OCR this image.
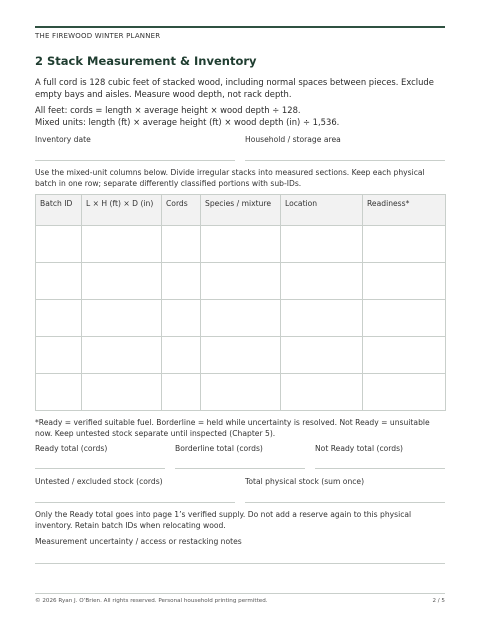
THE FIREWOOD WINTER PLANNER
2 Stack Measurement & Inventory
A full cord is 128 cubic feet of stacked wood, including normal spaces between pieces. Exclude empty bays and aisles. Measure wood depth, not rack depth.
All feet: cords = length × average height × wood depth ÷ 128.
Mixed units: length (ft) × average height (ft) × wood depth (in) ÷ 1,536.
Inventory date	Household / storage area
Use the mixed-unit columns below. Divide irregular stacks into measured sections. Keep each physical batch in one row; separate differently classified portions with sub-IDs.
Batch ID	L × H (ft) × D (in)	Cords	Species / mixture	Location	Readiness*

*Ready = verified suitable fuel. Borderline = held while uncertainty is resolved. Not Ready = unsuitable now. Keep untested stock separate until inspected (Chapter 5).
Ready total (cords)	Borderline total (cords)	Not Ready total (cords)
Untested / excluded stock (cords)	Total physical stock (sum once)
Only the Ready total goes into page 1’s verified supply. Do not add a reserve again to this physical inventory. Retain batch IDs when relocating wood.
Measurement uncertainty / access or restacking notes
© 2026 Ryan J. O’Brien. All rights reserved. Personal household printing permitted.	2 / 5
